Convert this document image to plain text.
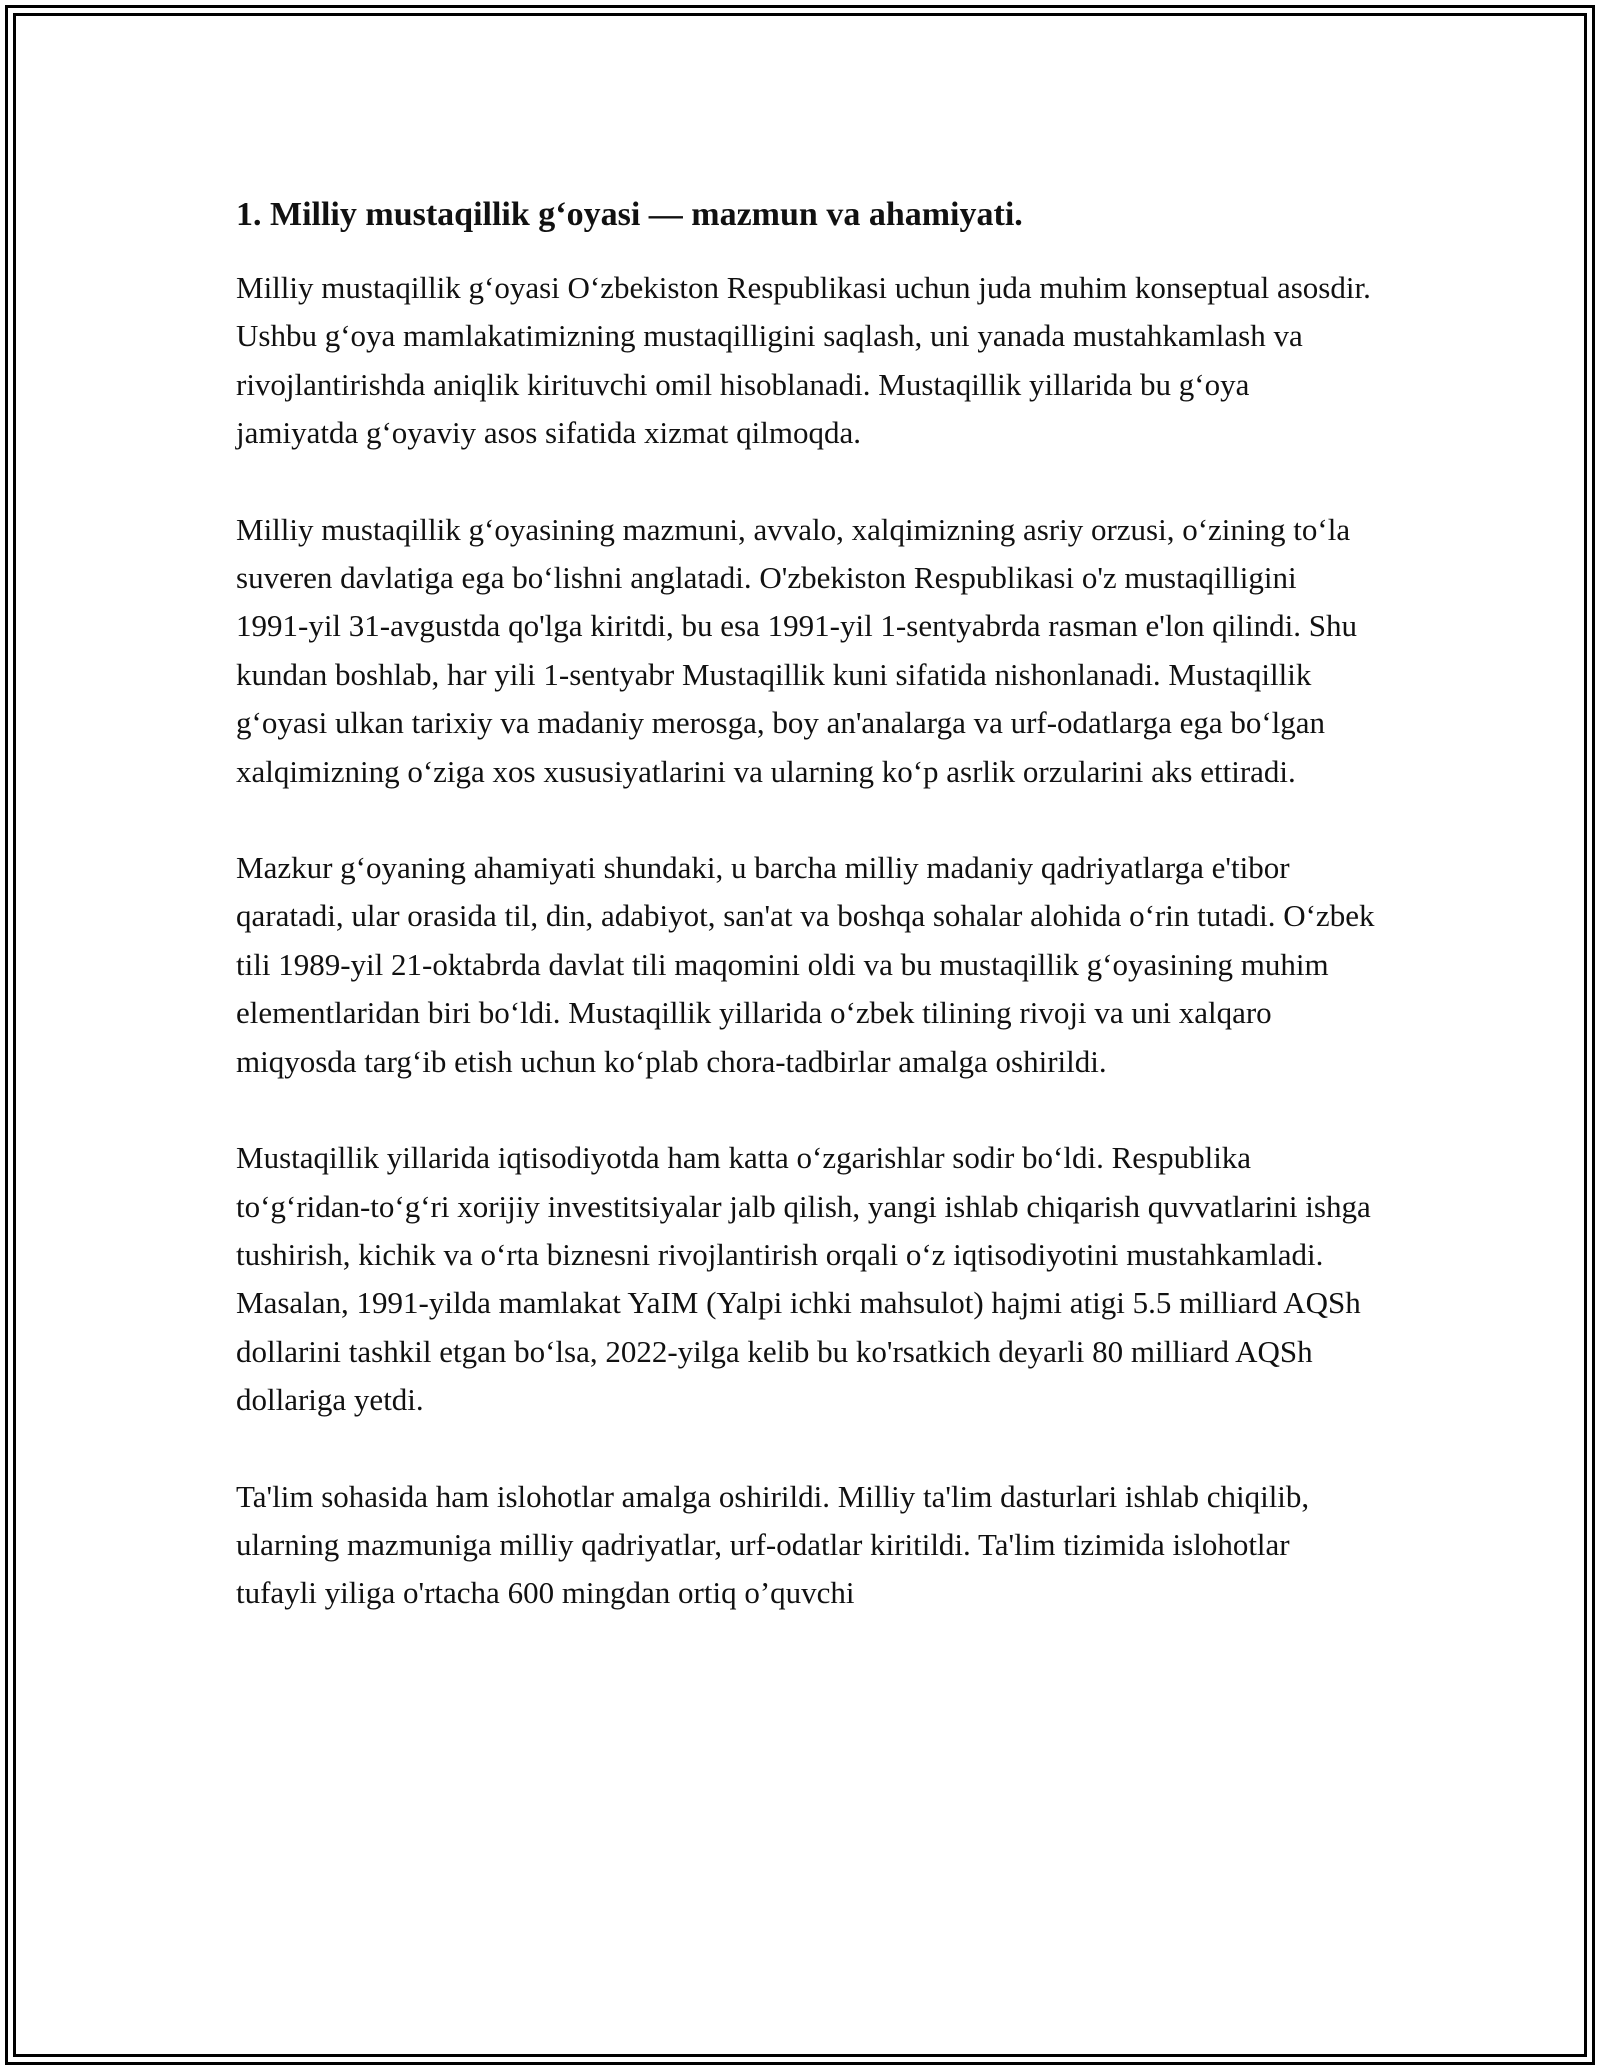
1. Milliy mustaqillik g‘oyasi — mazmun va ahamiyati.

Milliy mustaqillik g‘oyasi O‘zbekiston Respublikasi uchun juda muhim konseptual asosdir. Ushbu g‘oya mamlakatimizning mustaqilligini saqlash, uni yanada mustahkamlash va rivojlantirishda aniqlik kirituvchi omil hisoblanadi. Mustaqillik yillarida bu g‘oya jamiyatda g‘oyaviy asos sifatida xizmat qilmoqda.

Milliy mustaqillik g‘oyasining mazmuni, avvalo, xalqimizning asriy orzusi, o‘zining to‘la suveren davlatiga ega bo‘lishni anglatadi. O'zbekiston Respublikasi o'z mustaqilligini 1991-yil 31-avgustda qo'lga kiritdi, bu esa 1991-yil 1-sentyabrda rasman e'lon qilindi. Shu kundan boshlab, har yili 1-sentyabr Mustaqillik kuni sifatida nishonlanadi. Mustaqillik g‘oyasi ulkan tarixiy va madaniy merosga, boy an'analarga va urf-odatlarga ega bo‘lgan xalqimizning o‘ziga xos xususiyatlarini va ularning ko‘p asrlik orzularini aks ettiradi.

Mazkur g‘oyaning ahamiyati shundaki, u barcha milliy madaniy qadriyatlarga e'tibor qaratadi, ular orasida til, din, adabiyot, san'at va boshqa sohalar alohida o‘rin tutadi. O‘zbek tili 1989-yil 21-oktabrda davlat tili maqomini oldi va bu mustaqillik g‘oyasining muhim elementlaridan biri bo‘ldi. Mustaqillik yillarida o‘zbek tilining rivoji va uni xalqaro miqyosda targ‘ib etish uchun ko‘plab chora-tadbirlar amalga oshirildi.

Mustaqillik yillarida iqtisodiyotda ham katta o‘zgarishlar sodir bo‘ldi. Respublika to‘g‘ridan-to‘g‘ri xorijiy investitsiyalar jalb qilish, yangi ishlab chiqarish quvvatlarini ishga tushirish, kichik va o‘rta biznesni rivojlantirish orqali o‘z iqtisodiyotini mustahkamladi. Masalan, 1991-yilda mamlakat YaIM (Yalpi ichki mahsulot) hajmi atigi 5.5 milliard AQSh dollarini tashkil etgan bo‘lsa, 2022-yilga kelib bu ko'rsatkich deyarli 80 milliard AQSh dollariga yetdi.

Ta'lim sohasida ham islohotlar amalga oshirildi. Milliy ta'lim dasturlari ishlab chiqilib, ularning mazmuniga milliy qadriyatlar, urf-odatlar kiritildi. Ta'lim tizimida islohotlar tufayli yiliga o'rtacha 600 mingdan ortiq o’quvchi
